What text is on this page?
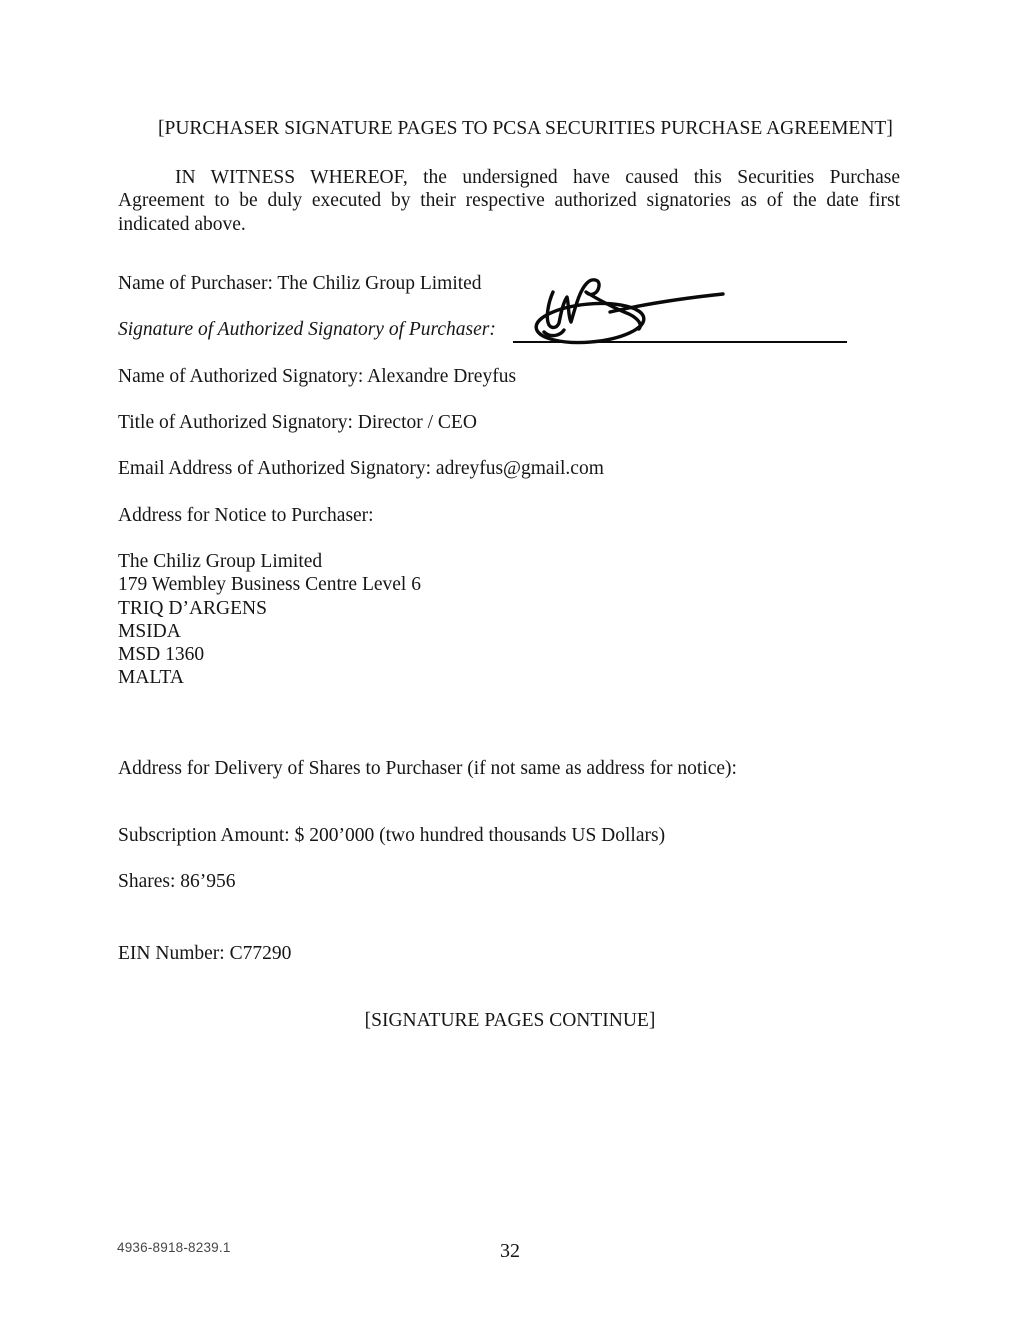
[PURCHASER SIGNATURE PAGES TO PCSA SECURITIES PURCHASE AGREEMENT]
IN WITNESS WHEREOF, the undersigned have caused this Securities Purchase
Agreement to be duly executed by their respective authorized signatories as of the date first
indicated above.
Name of Purchaser: The Chiliz Group Limited
Signature of Authorized Signatory of Purchaser:
Name of Authorized Signatory: Alexandre Dreyfus
Title of Authorized Signatory: Director / CEO
Email Address of Authorized Signatory: adreyfus@gmail.com
Address for Notice to Purchaser:
The Chiliz Group Limited
179 Wembley Business Centre Level 6
TRIQ D’ARGENS
MSIDA
MSD 1360
MALTA
Address for Delivery of Shares to Purchaser (if not same as address for notice):
Subscription Amount: $ 200’000 (two hundred thousands US Dollars)
Shares: 86’956
EIN Number: C77290
[SIGNATURE PAGES CONTINUE]
4936-8918-8239.1	32
